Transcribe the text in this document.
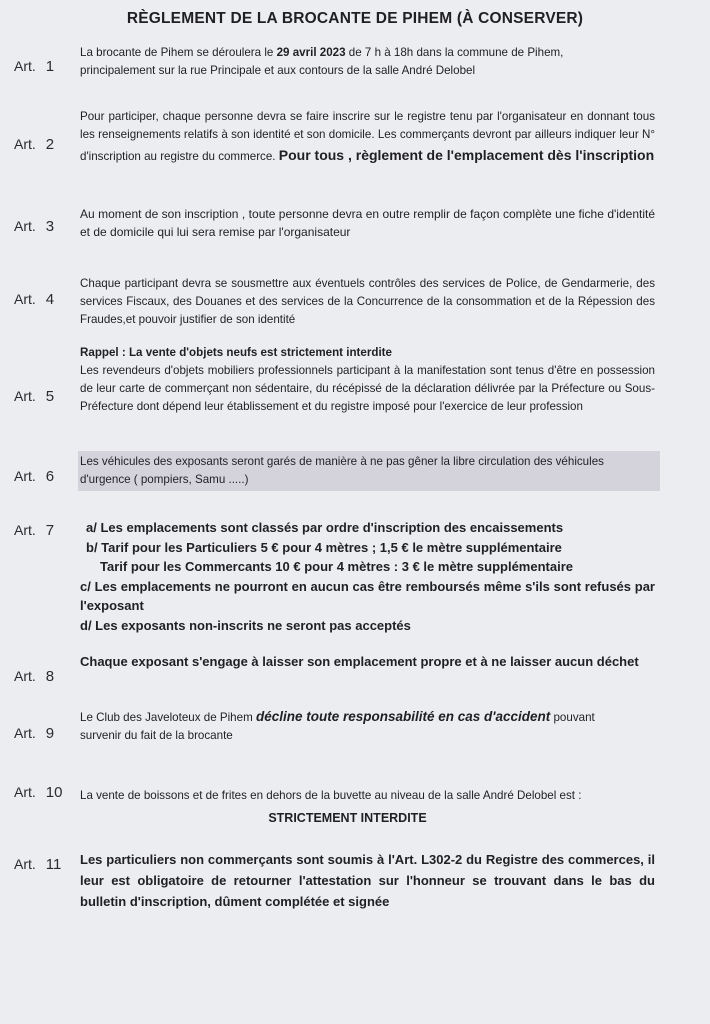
RÈGLEMENT DE LA BROCANTE DE PIHEM (À CONSERVER)
Art. 1
La brocante de Pihem se déroulera le 29 avril 2023 de 7 h à 18h dans la commune de Pihem,
principalement sur la rue Principale et aux contours de la salle André Delobel
Art. 2
Pour participer, chaque personne devra se faire inscrire sur le registre tenu par l'organisateur en donnant tous les renseignements relatifs à son identité et son domicile. Les commerçants devront par ailleurs indiquer leur N° d'inscription au registre du commerce. Pour tous , règlement de l'emplacement dès l'inscription
Art. 3
Au moment de son inscription , toute personne devra en outre remplir de façon complète une fiche d'identité et de domicile qui lui sera remise par l'organisateur
Art. 4
Chaque participant devra se sousmettre aux éventuels contrôles des services de Police, de Gendarmerie, des services Fiscaux, des Douanes et des services de la Concurrence de la consommation et de la Répession des Fraudes,et pouvoir justifier de son identité
Art. 5
Rappel : La vente d'objets neufs est strictement interdite
Les revendeurs d'objets mobiliers professionnels participant à la manifestation sont tenus d'être en possession de leur carte de commerçant non sédentaire, du récépissé de la déclaration délivrée par la Préfecture ou Sous-Préfecture dont dépend leur établissement et du registre imposé pour l'exercice de leur profession
Art. 6
Les véhicules des exposants seront garés de manière à ne pas gêner la libre circulation des véhicules
d'urgence ( pompiers, Samu .....)
Art. 7	a/ Les emplacements sont classés par ordre d'inscription des encaissements
b/ Tarif pour les Particuliers 5 € pour 4 mètres ; 1,5 € le mètre supplémentaire
Tarif pour les Commercants 10 € pour 4 mètres : 3 € le mètre supplémentaire
c/ Les emplacements ne pourront en aucun cas être remboursés même s'ils sont refusés par l'exposant
d/ Les exposants non-inscrits ne seront pas acceptés
Art. 8
Chaque exposant s'engage à laisser son emplacement propre et à ne laisser aucun déchet
Art. 9
Le Club des Javeloteux de Pihem décline toute responsabilité en cas d'accident pouvant
survenir du fait de la brocante
Art. 10 La vente de boissons et de frites en dehors de la buvette au niveau de la salle André Delobel est :
STRICTEMENT INTERDITE
Art. 11 Les particuliers non commerçants sont soumis à l'Art. L302-2 du Registre des commerces, il leur est obligatoire de retourner l'attestation sur l'honneur se trouvant dans le bas du bulletin d'inscription, dûment complétée et signée
